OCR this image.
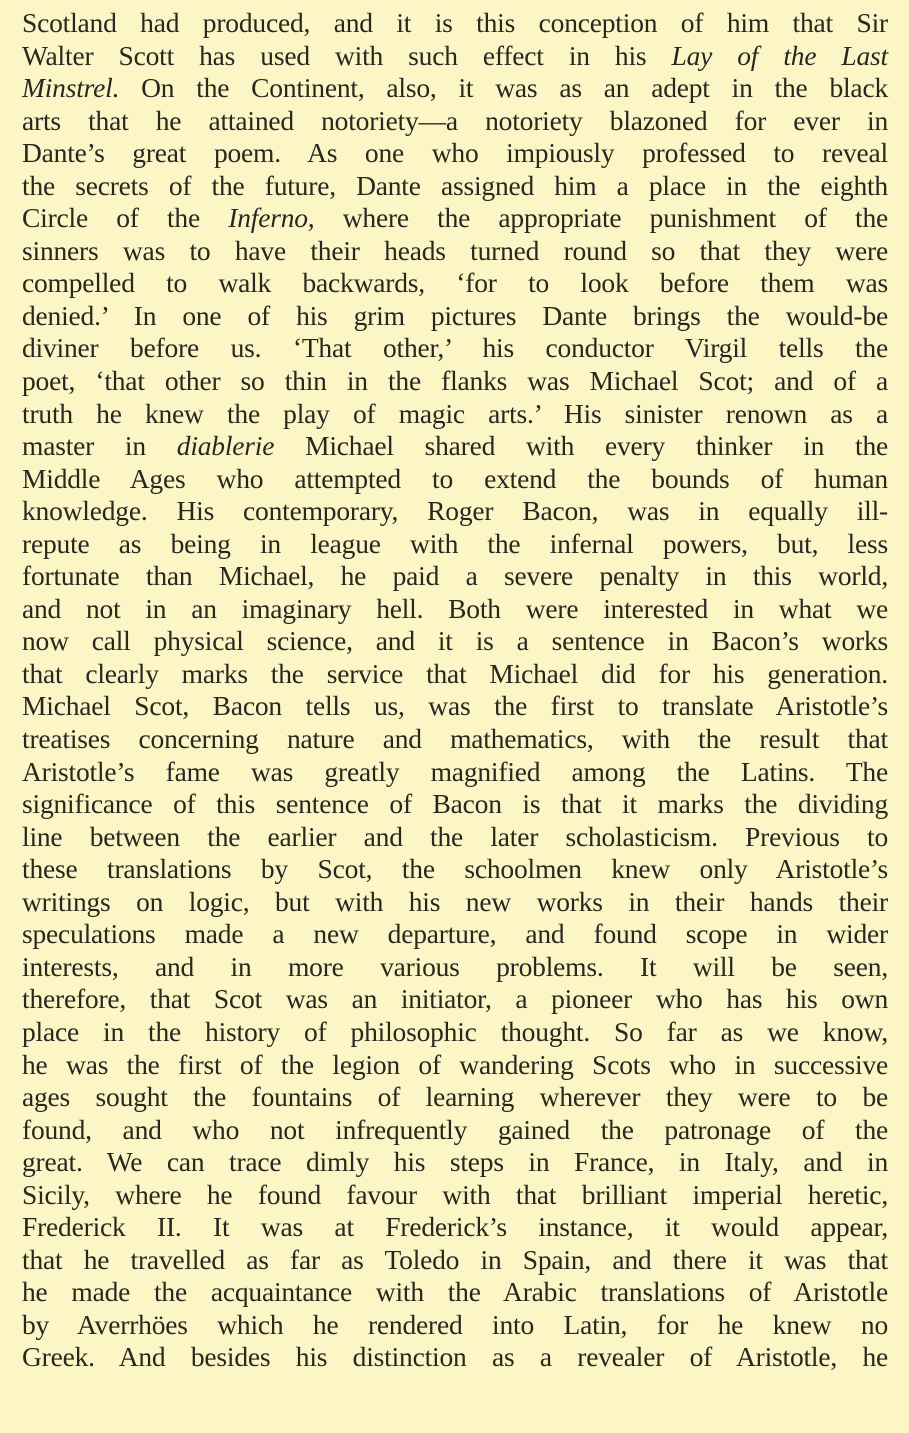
Scotland had produced, and it is this conception of him that Sir
Walter Scott has used with such effect in his Lay of the Last
Minstrel. On the Continent, also, it was as an adept in the black
arts that he attained notoriety—a notoriety blazoned for ever in
Dante’s great poem. As one who impiously professed to reveal
the secrets of the future, Dante assigned him a place in the eighth
Circle of the Inferno, where the appropriate punishment of the
sinners was to have their heads turned round so that they were
compelled to walk backwards, ‘for to look before them was
denied.’ In one of his grim pictures Dante brings the would-be
diviner before us. ‘That other,’ his conductor Virgil tells the
poet, ‘that other so thin in the flanks was Michael Scot; and of a
truth he knew the play of magic arts.’ His sinister renown as a
master in diablerie Michael shared with every thinker in the
Middle Ages who attempted to extend the bounds of human
knowledge. His contemporary, Roger Bacon, was in equally ill-
repute as being in league with the infernal powers, but, less
fortunate than Michael, he paid a severe penalty in this world,
and not in an imaginary hell. Both were interested in what we
now call physical science, and it is a sentence in Bacon’s works
that clearly marks the service that Michael did for his generation.
Michael Scot, Bacon tells us, was the first to translate Aristotle’s
treatises concerning nature and mathematics, with the result that
Aristotle’s fame was greatly magnified among the Latins. The
significance of this sentence of Bacon is that it marks the dividing
line between the earlier and the later scholasticism. Previous to
these translations by Scot, the schoolmen knew only Aristotle’s
writings on logic, but with his new works in their hands their
speculations made a new departure, and found scope in wider
interests, and in more various problems. It will be seen,
therefore, that Scot was an initiator, a pioneer who has his own
place in the history of philosophic thought. So far as we know,
he was the first of the legion of wandering Scots who in successive
ages sought the fountains of learning wherever they were to be
found, and who not infrequently gained the patronage of the
great. We can trace dimly his steps in France, in Italy, and in
Sicily, where he found favour with that brilliant imperial heretic,
Frederick II. It was at Frederick’s instance, it would appear,
that he travelled as far as Toledo in Spain, and there it was that
he made the acquaintance with the Arabic translations of Aristotle
by Averrhöes which he rendered into Latin, for he knew no
Greek. And besides his distinction as a revealer of Aristotle, he
